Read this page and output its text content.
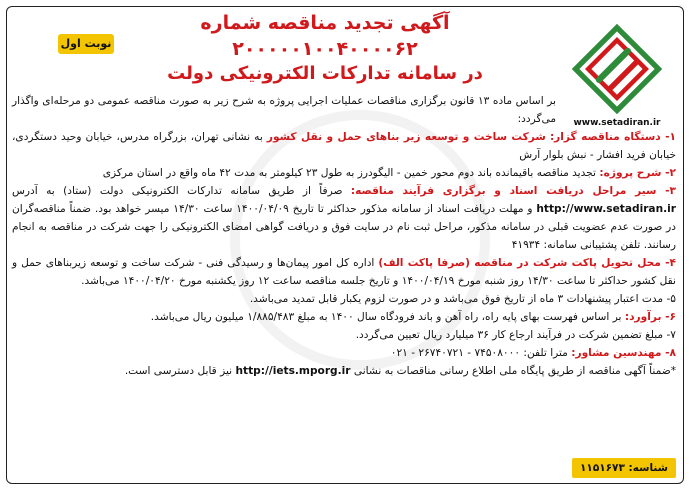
آگهی تجدید مناقصه شماره ۲۰۰۰۰۰۱۰۰۴۰۰۰۰۶۲
در سامانه تدارکات الکترونیکی دولت
نوبت اول
www.setadiran.ir

بر اساس ماده ۱۳ قانون برگزاری مناقصات عملیات اجرایی پروژه به شرح زیر به صورت مناقصه عمومی دو مرحله‌ای واگذار می‌گردد:

۱- دستگاه مناقصه گزار: شرکت ساخت و توسعه زیر بناهای حمل و نقل کشور به نشانی تهران، بزرگراه مدرس، خیابان وحید دستگردی، خیابان فرید افشار - نبش بلوار آرش

۲- شرح پروژه: تجدید مناقصه باقیمانده باند دوم محور خمین - الیگودرز به طول ۲۳ کیلومتر به مدت ۴۲ ماه واقع در استان مرکزی

۳- سیر مراحل دریافت اسناد و برگزاری فرآیند مناقصه: صرفاً از طریق سامانه تدارکات الکترونیکی دولت (ستاد) به آدرس http://www.setadiran.ir و مهلت دریافت اسناد از سامانه مذکور حداکثر تا تاریخ ۱۴۰۰/۰۴/۰۹ ساعت ۱۴/۳۰ میسر خواهد بود. ضمناً مناقصه‌گران در صورت عدم عضویت قبلی در سامانه مذکور، مراحل ثبت نام در سایت فوق و دریافت گواهی امضای الکترونیکی را جهت شرکت در مناقصه به انجام رسانند. تلفن پشتیبانی سامانه: ۴۱۹۳۴

۴- محل تحویل پاکت شرکت در مناقصه (صرفا پاکت الف) اداره کل امور پیمان‌ها و رسیدگی فنی - شرکت ساخت و توسعه زیربناهای حمل و نقل کشور حداکثر تا ساعت ۱۴/۳۰ روز شنبه مورخ ۱۴۰۰/۰۴/۱۹ و تاریخ جلسه مناقصه ساعت ۱۲ روز یکشنبه مورخ ۱۴۰۰/۰۴/۲۰ می‌باشد.

۵- مدت اعتبار پیشنهادات ۳ ماه از تاریخ فوق می‌باشد و در صورت لزوم یکبار قابل تمدید می‌باشد.

۶- برآورد: بر اساس فهرست بهای پایه راه، راه آهن و باند فرودگاه سال ۱۴۰۰ به مبلغ ۱/۸۸۵/۴۸۳ میلیون ریال می‌باشد.

۷- مبلغ تضمین شرکت در فرآیند ارجاع کار ۳۶ میلیارد ریال تعیین می‌گردد.

۸- مهندسین مشاور: مترا تلفن: ۷۴۵۰۸۰۰۰ - ۲۶۷۴۰۷۲۱ - ۰۲۱

*ضمناً آگهی مناقصه از طریق پایگاه ملی اطلاع رسانی مناقصات به نشانی http://iets.mporg.ir نیز قابل دسترسی است.

شناسه: ۱۱۵۱۶۷۳
